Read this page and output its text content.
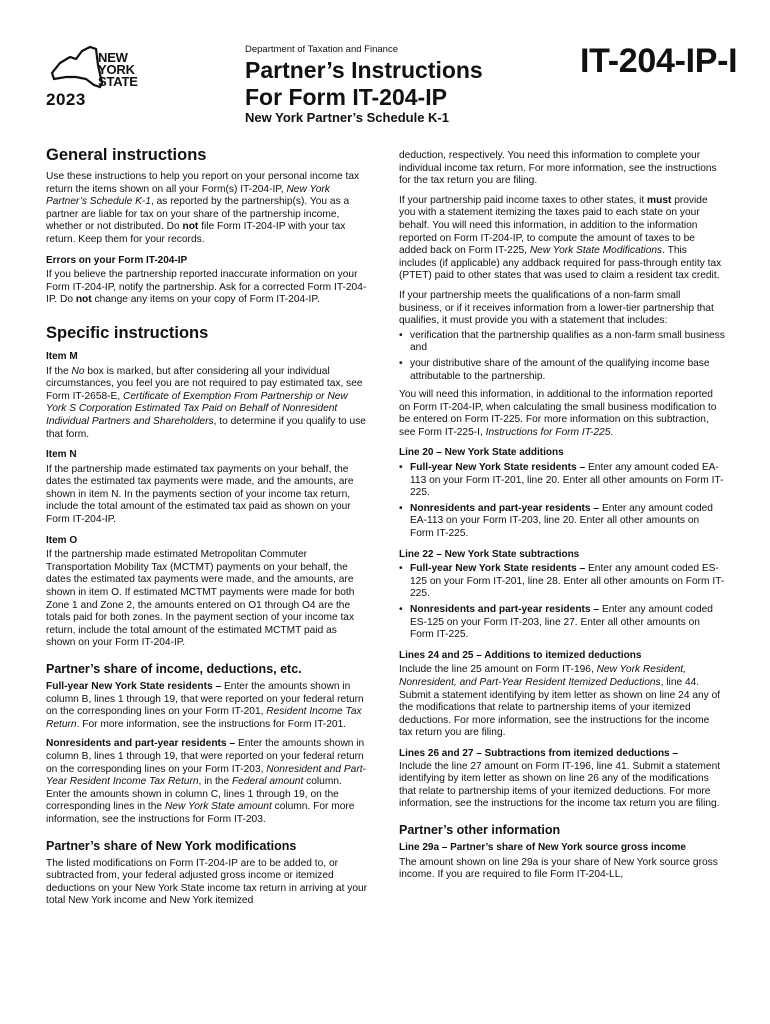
NEW
YORK
STATE
2023
Department of Taxation and Finance
Partner’s Instructions
For Form IT-204-IP
IT-204-IP-I
New York Partner’s Schedule K-1
General instructions

Use these instructions to help you report on your personal income tax return the items shown on all your Form(s) IT-204-IP, New York Partner’s Schedule K-1, as reported by the partnership(s). You as a partner are liable for tax on your share of the partnership income, whether or not distributed. Do not file Form IT-204-IP with your tax return. Keep them for your records.

Errors on your Form IT-204-IP

If you believe the partnership reported inaccurate information on your Form IT-204-IP, notify the partnership. Ask for a corrected Form IT-204-IP. Do not change any items on your copy of Form IT-204-IP.

Specific instructions
Item M

If the No box is marked, but after considering all your individual circumstances, you feel you are not required to pay estimated tax, see Form IT-2658-E, Certificate of Exemption From Partnership or New York S Corporation Estimated Tax Paid on Behalf of Nonresident Individual Partners and Shareholders, to determine if you qualify to use that form.

Item N

If the partnership made estimated tax payments on your behalf, the dates the estimated tax payments were made, and the amounts, are shown in item N. In the payments section of your income tax return, include the total amount of the estimated tax paid as shown on your Form IT-204-IP.

Item O

If the partnership made estimated Metropolitan Commuter Transportation Mobility Tax (MCTMT) payments on your behalf, the dates the estimated tax payments were made, and the amounts, are shown in item O. If estimated MCTMT payments were made for both Zone 1 and Zone 2, the amounts entered on O1 through O4 are the totals paid for both zones. In the payment section of your income tax return, include the total amount of the estimated MCTMT paid as shown on your Form IT-204-IP.

Partner’s share of income, deductions, etc.

Full-year New York State residents – Enter the amounts shown in column B, lines 1 through 19, that were reported on your federal return on the corresponding lines on your Form IT-201, Resident Income Tax Return. For more information, see the instructions for Form IT-201.

Nonresidents and part-year residents – Enter the amounts shown in column B, lines 1 through 19, that were reported on your federal return on the corresponding lines on your Form IT-203, Nonresident and Part-Year Resident Income Tax Return, in the Federal amount column. Enter the amounts shown in column C, lines 1 through 19, on the corresponding lines in the New York State amount column. For more information, see the instructions for Form IT-203.

Partner’s share of New York modifications

The listed modifications on Form IT-204-IP are to be added to, or subtracted from, your federal adjusted gross income or itemized deductions on your New York State income tax return in arriving at your total New York income and New York itemized

deduction, respectively. You need this information to complete your individual income tax return. For more information, see the instructions for the tax return you are filing.

If your partnership paid income taxes to other states, it must provide you with a statement itemizing the taxes paid to each state on your behalf. You will need this information, in addition to the information reported on Form IT-204-IP, to compute the amount of taxes to be added back on Form IT-225, New York State Modifications. This includes (if applicable) any addback required for pass-through entity tax (PTET) paid to other states that was used to claim a resident tax credit.

If your partnership meets the qualifications of a non-farm small business, or if it receives information from a lower-tier partnership that qualifies, it must provide you with a statement that includes:

• verification that the partnership qualifies as a non-farm small business and
• your distributive share of the amount of the qualifying income base attributable to the partnership.

You will need this information, in additional to the information reported on Form IT-204-IP, when calculating the small business modification to be entered on Form IT-225. For more information on this subtraction, see Form IT-225-I, Instructions for Form IT-225.

Line 20 – New York State additions
• Full-year New York State residents – Enter any amount coded EA-113 on your Form IT-201, line 20. Enter all other amounts on Form IT-225.
• Nonresidents and part-year residents – Enter any amount coded EA-113 on your Form IT-203, line 20. Enter all other amounts on Form IT-225.
Line 22 – New York State subtractions
• Full-year New York State residents – Enter any amount coded ES-125 on your Form IT-201, line 28. Enter all other amounts on Form IT-225.
• Nonresidents and part-year residents – Enter any amount coded ES-125 on your Form IT-203, line 27. Enter all other amounts on Form IT-225.
Lines 24 and 25 – Additions to itemized deductions

Include the line 25 amount on Form IT-196, New York Resident, Nonresident, and Part-Year Resident Itemized Deductions, line 44. Submit a statement identifying by item letter as shown on line 24 any of the modifications that relate to partnership items of your itemized deductions. For more information, see the instructions for the income tax return you are filing.

Lines 26 and 27 – Subtractions from itemized deductions –

Include the line 27 amount on Form IT-196, line 41. Submit a statement identifying by item letter as shown on line 26 any of the modifications that relate to partnership items of your itemized deductions. For more information, see the instructions for the income tax return you are filing.

Partner’s other information
Line 29a – Partner’s share of New York source gross income

The amount shown on line 29a is your share of New York source gross income. If you are required to file Form IT-204-LL,
